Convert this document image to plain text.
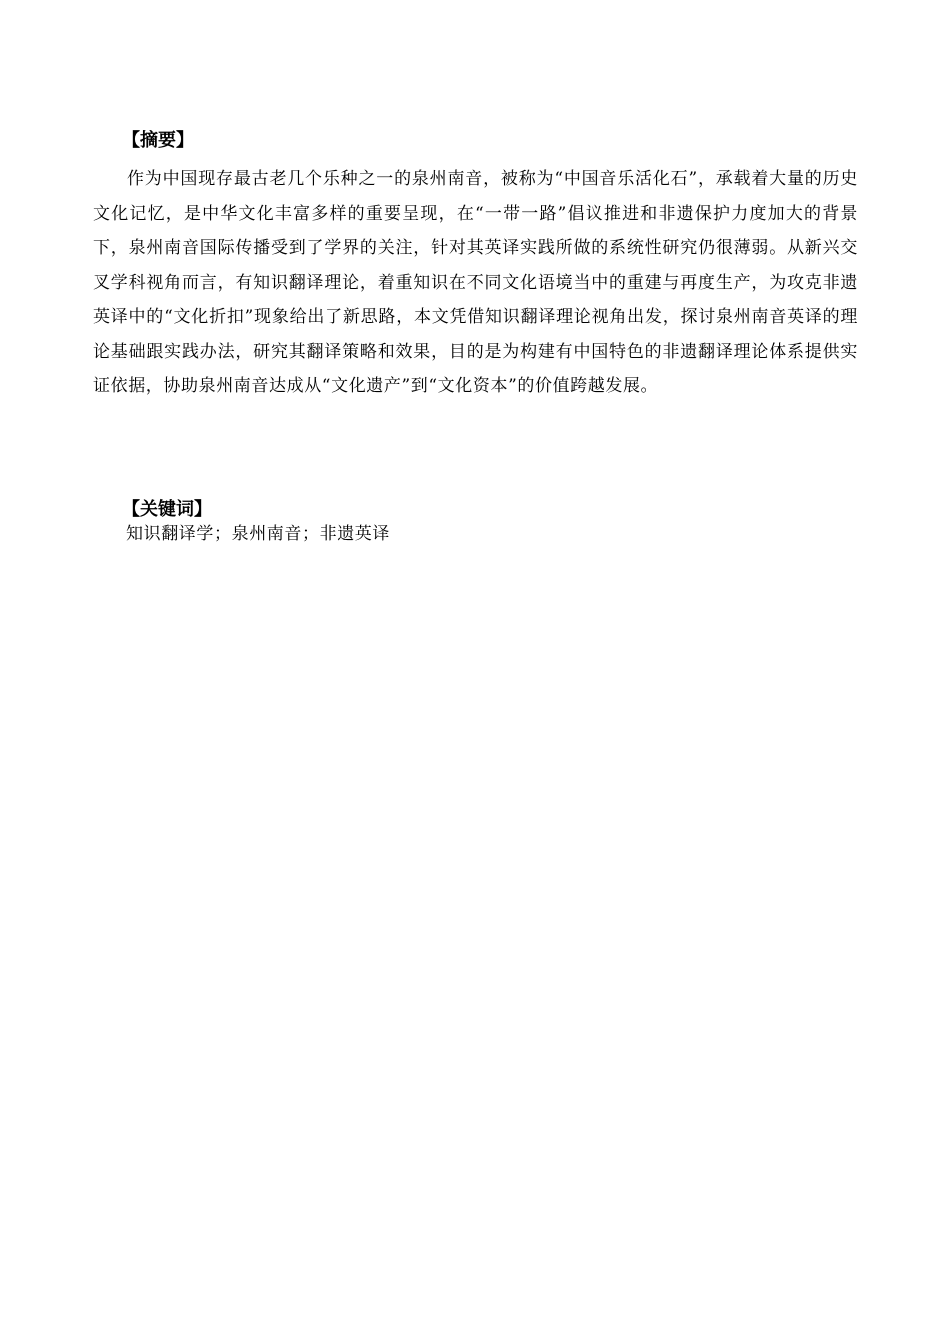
【摘要】

作为中国现存最古老几个乐种之一的泉州南音，被称为“中国音乐活化石”，承载着大量的历史文化记忆，是中华文化丰富多样的重要呈现，在“一带一路”倡议推进和非遗保护力度加大的背景下，泉州南音国际传播受到了学界的关注，针对其英译实践所做的系统性研究仍很薄弱。从新兴交叉学科视角而言，有知识翻译理论，着重知识在不同文化语境当中的重建与再度生产，为攻克非遗英译中的“文化折扣”现象给出了新思路，本文凭借知识翻译理论视角出发，探讨泉州南音英译的理论基础跟实践办法，研究其翻译策略和效果，目的是为构建有中国特色的非遗翻译理论体系提供实证依据，协助泉州南音达成从“文化遗产”到“文化资本”的价值跨越发展。

【关键词】
知识翻译学；泉州南音；非遗英译
